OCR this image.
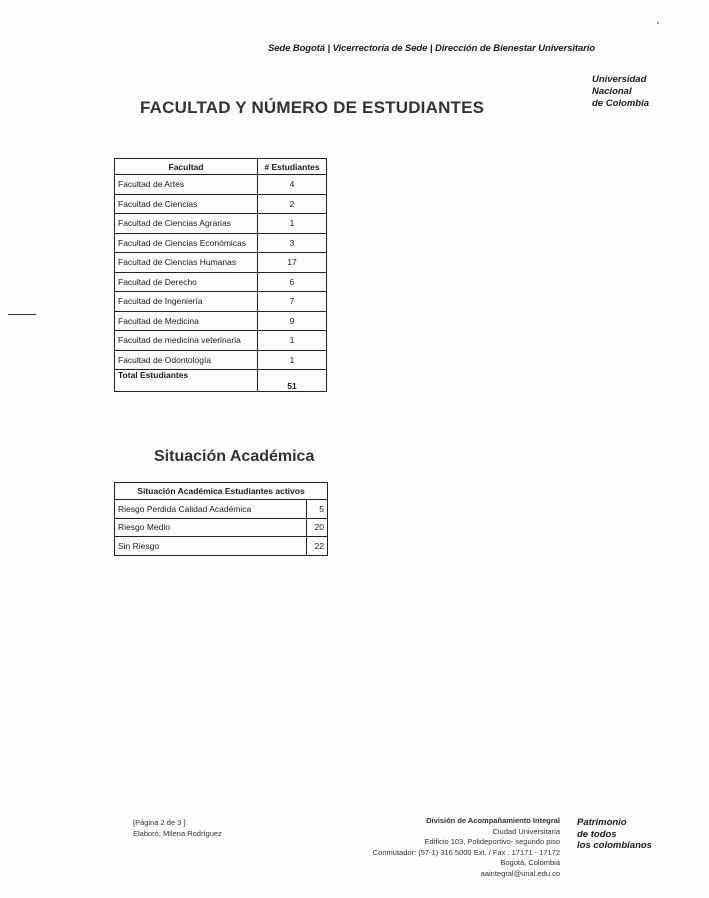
Sede Bogotá | Vicerrectoría de Sede | Dirección de Bienestar Universitario
Universidad
Nacional
de Colombia
FACULTAD Y NÚMERO DE ESTUDIANTES
Facultad	# Estudiantes
Facultad de Artes	4
Facultad de Ciencias	2
Facultad de Ciencias Agrarias	1
Facultad de Ciencias Económicas	3
Facultad de Ciencias Humanas	17
Facultad de Derecho	6
Facultad de Ingeniería	7
Facultad de Medicina	9
Facultad de medicina veterinaria	1
Facultad de Odontología	1
Total Estudiantes	51
Situación Académica
Situación Académica Estudiantes activos	
Riesgo Perdida Calidad Académica	5
Riesgo Medio	20
Sin Riesgo	22
[Página 2 de 3 ]
Elaboró: Milena Rodríguez
División de Acompañamiento Integral
Ciudad Universitaria
Edificio 103, Polideportivo- segundo piso
Conmutador: (57-1) 316 5000 Ext. / Fax . 17171 - 17172
Bogotá, Colombia
aaintegral@unal.edu.co
Patrimonio
de todos
los colombianos
